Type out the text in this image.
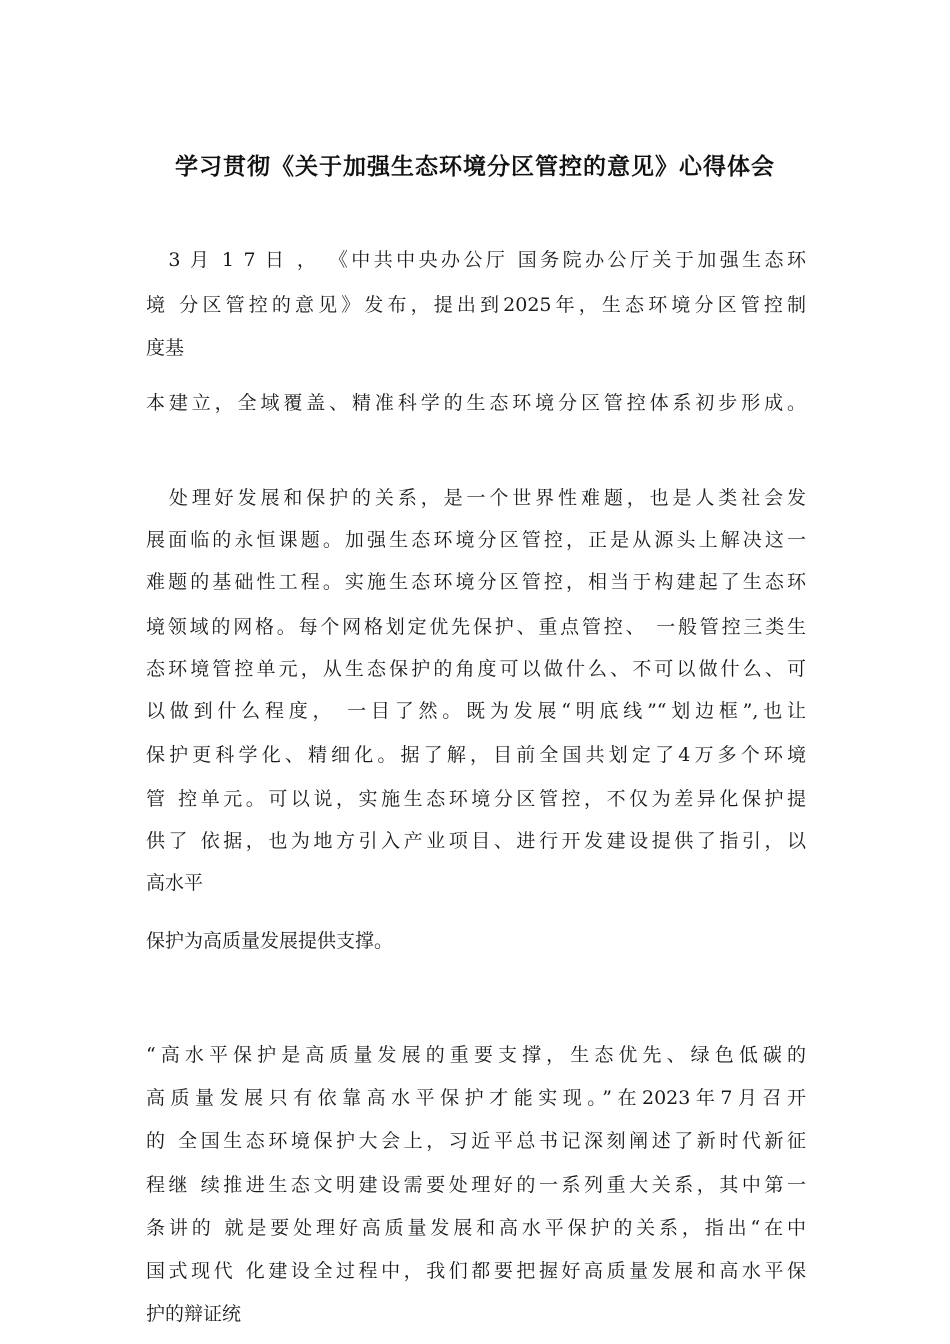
学习贯彻《关于加强生态环境分区管控的意见》心得体会
　3 月 1 7 日 ， 《中共中央办公厅 国务院办公厅关于加强生态环
境 分区管控的意见》发布，提出到2025年，生态环境分区管控制
度基
本建立，全域覆盖、精准科学的生态环境分区管控体系初步形成。
　处理好发展和保护的关系，是一个世界性难题，也是人类社会发
展面临的永恒课题。加强生态环境分区管控，正是从源头上解决这一
难题的基础性工程。实施生态环境分区管控，相当于构建起了生态环
境领域的网格。每个网格划定优先保护、重点管控、 一般管控三类生
态环境管控单元，从生态保护的角度可以做什么、不可以做什么、可
以做到什么程度， 一目了然。既为发展“明底线”“划边框”,也让
保护更科学化、精细化。据了解，目前全国共划定了4万多个环境
管 控单元。可以说，实施生态环境分区管控，不仅为差异化保护提
供了 依据，也为地方引入产业项目、进行开发建设提供了指引，以
高水平
保护为高质量发展提供支撑。
“高水平保护是高质量发展的重要支撑，生态优先、绿色低碳的
高质量发展只有依靠高水平保护才能实现。”在2023年7月召开
的 全国生态环境保护大会上，习近平总书记深刻阐述了新时代新征
程继 续推进生态文明建设需要处理好的一系列重大关系，其中第一
条讲的 就是要处理好高质量发展和高水平保护的关系，指出“在中
国式现代 化建设全过程中，我们都要把握好高质量发展和高水平保
护的辩证统
